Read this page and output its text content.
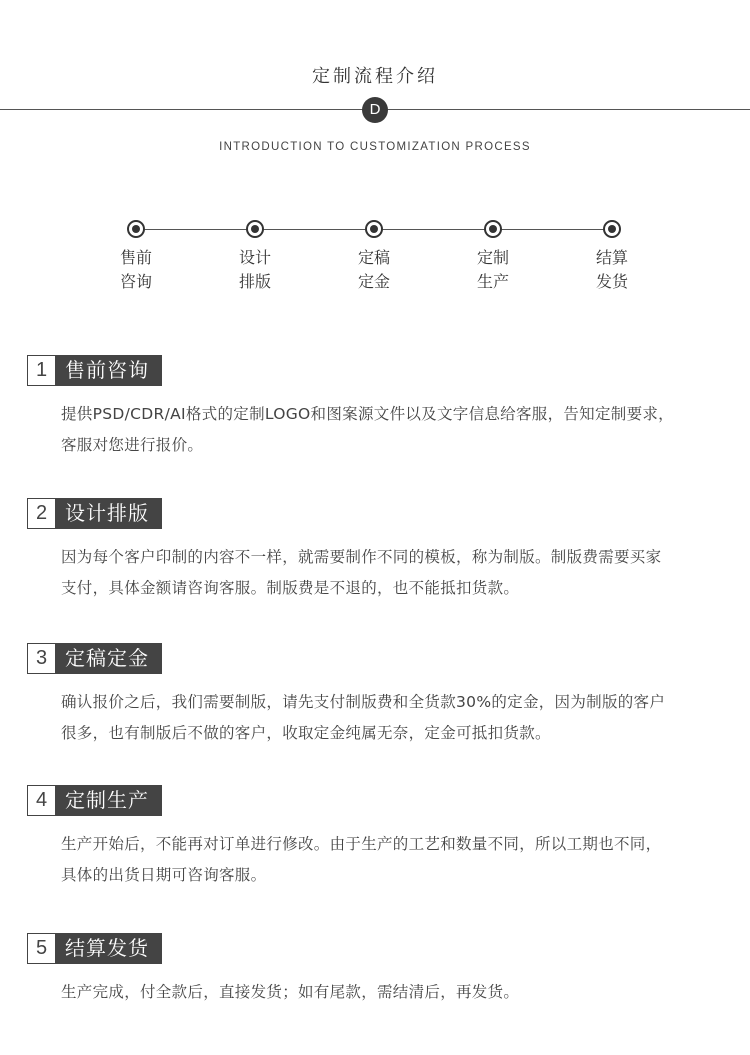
定制流程介绍
D
INTRODUCTION TO CUSTOMIZATION PROCESS
售前
咨询
设计
排版
定稿
定金
定制
生产
结算
发货
1 售前咨询
提供PSD/CDR/AI格式的定制LOGO和图案源文件以及文字信息给客服，告知定制要求，
客服对您进行报价。
2 设计排版
因为每个客户印制的内容不一样，就需要制作不同的模板，称为制版。制版费需要买家
支付，具体金额请咨询客服。制版费是不退的，也不能抵扣货款。
3 定稿定金
确认报价之后，我们需要制版，请先支付制版费和全货款30%的定金，因为制版的客户
很多，也有制版后不做的客户，收取定金纯属无奈，定金可抵扣货款。
4 定制生产
生产开始后，不能再对订单进行修改。由于生产的工艺和数量不同，所以工期也不同，
具体的出货日期可咨询客服。
5 结算发货
生产完成，付全款后，直接发货；如有尾款，需结清后，再发货。
